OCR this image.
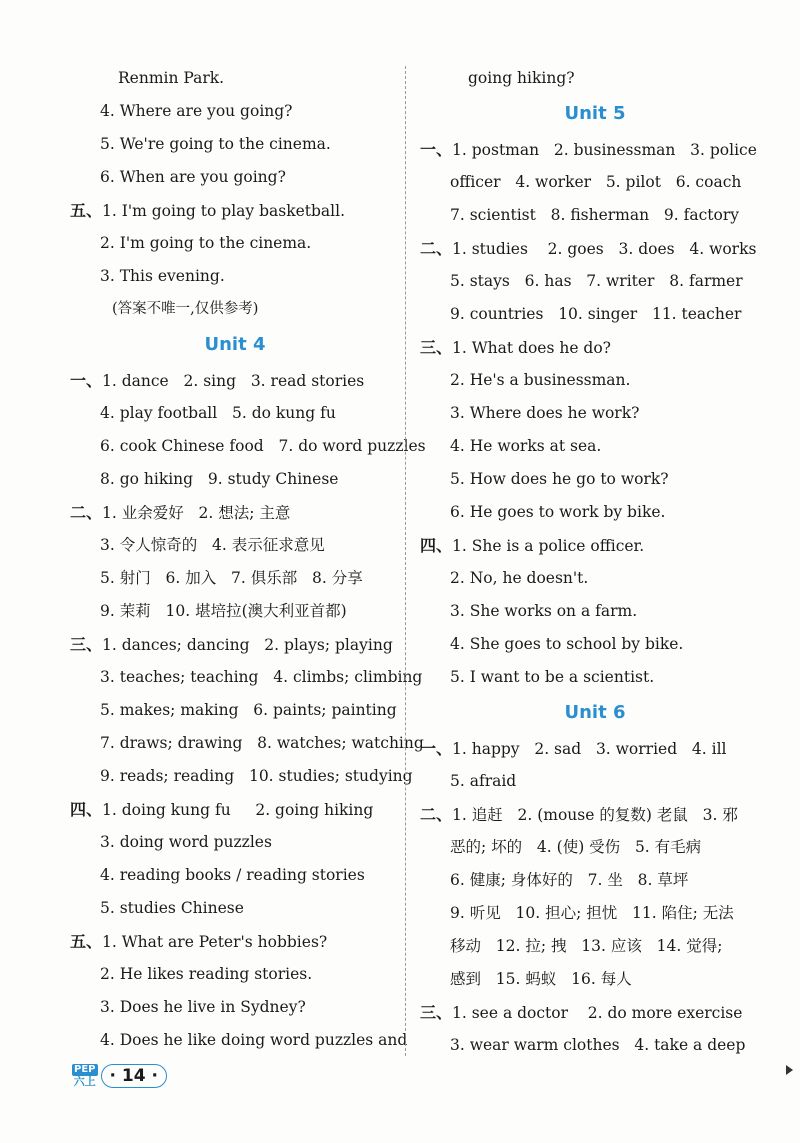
Renmin Park.
4. Where are you going?
5. We're going to the cinema.
6. When are you going?
五、1. I'm going to play basketball.
2. I'm going to the cinema.
3. This evening.
(答案不唯一,仅供参考)
Unit 4
一、1. dance   2. sing   3. read stories
4. play football   5. do kung fu
6. cook Chinese food   7. do word puzzles
8. go hiking   9. study Chinese
二、1. 业余爱好   2. 想法; 主意
3. 令人惊奇的   4. 表示征求意见
5. 射门   6. 加入   7. 俱乐部   8. 分享
9. 茉莉   10. 堪培拉(澳大利亚首都)
三、1. dances; dancing   2. plays; playing
3. teaches; teaching   4. climbs; climbing
5. makes; making   6. paints; painting
7. draws; drawing   8. watches; watching
9. reads; reading   10. studies; studying
四、1. doing kung fu     2. going hiking
3. doing word puzzles
4. reading books / reading stories
5. studies Chinese
五、1. What are Peter's hobbies?
2. He likes reading stories.
3. Does he live in Sydney?
4. Does he like doing word puzzles and
going hiking?
Unit 5
一、1. postman   2. businessman   3. police
officer   4. worker   5. pilot   6. coach
7. scientist   8. fisherman   9. factory
二、1. studies    2. goes   3. does   4. works
5. stays   6. has   7. writer   8. farmer
9. countries   10. singer   11. teacher
三、1. What does he do?
2. He's a businessman.
3. Where does he work?
4. He works at sea.
5. How does he go to work?
6. He goes to work by bike.
四、1. She is a police officer.
2. No, he doesn't.
3. She works on a farm.
4. She goes to school by bike.
5. I want to be a scientist.
Unit 6
一、1. happy   2. sad   3. worried   4. ill
5. afraid
二、1. 追赶   2. (mouse 的复数) 老鼠   3. 邪
恶的; 坏的   4. (使) 受伤   5. 有毛病
6. 健康; 身体好的   7. 坐   8. 草坪
9. 听见   10. 担心; 担忧   11. 陷住; 无法
移动   12. 拉; 拽   13. 应该   14. 觉得;
感到   15. 蚂蚁   16. 每人
三、1. see a doctor    2. do more exercise
3. wear warm clothes   4. take a deep
PEP
六上 · 14 ·
